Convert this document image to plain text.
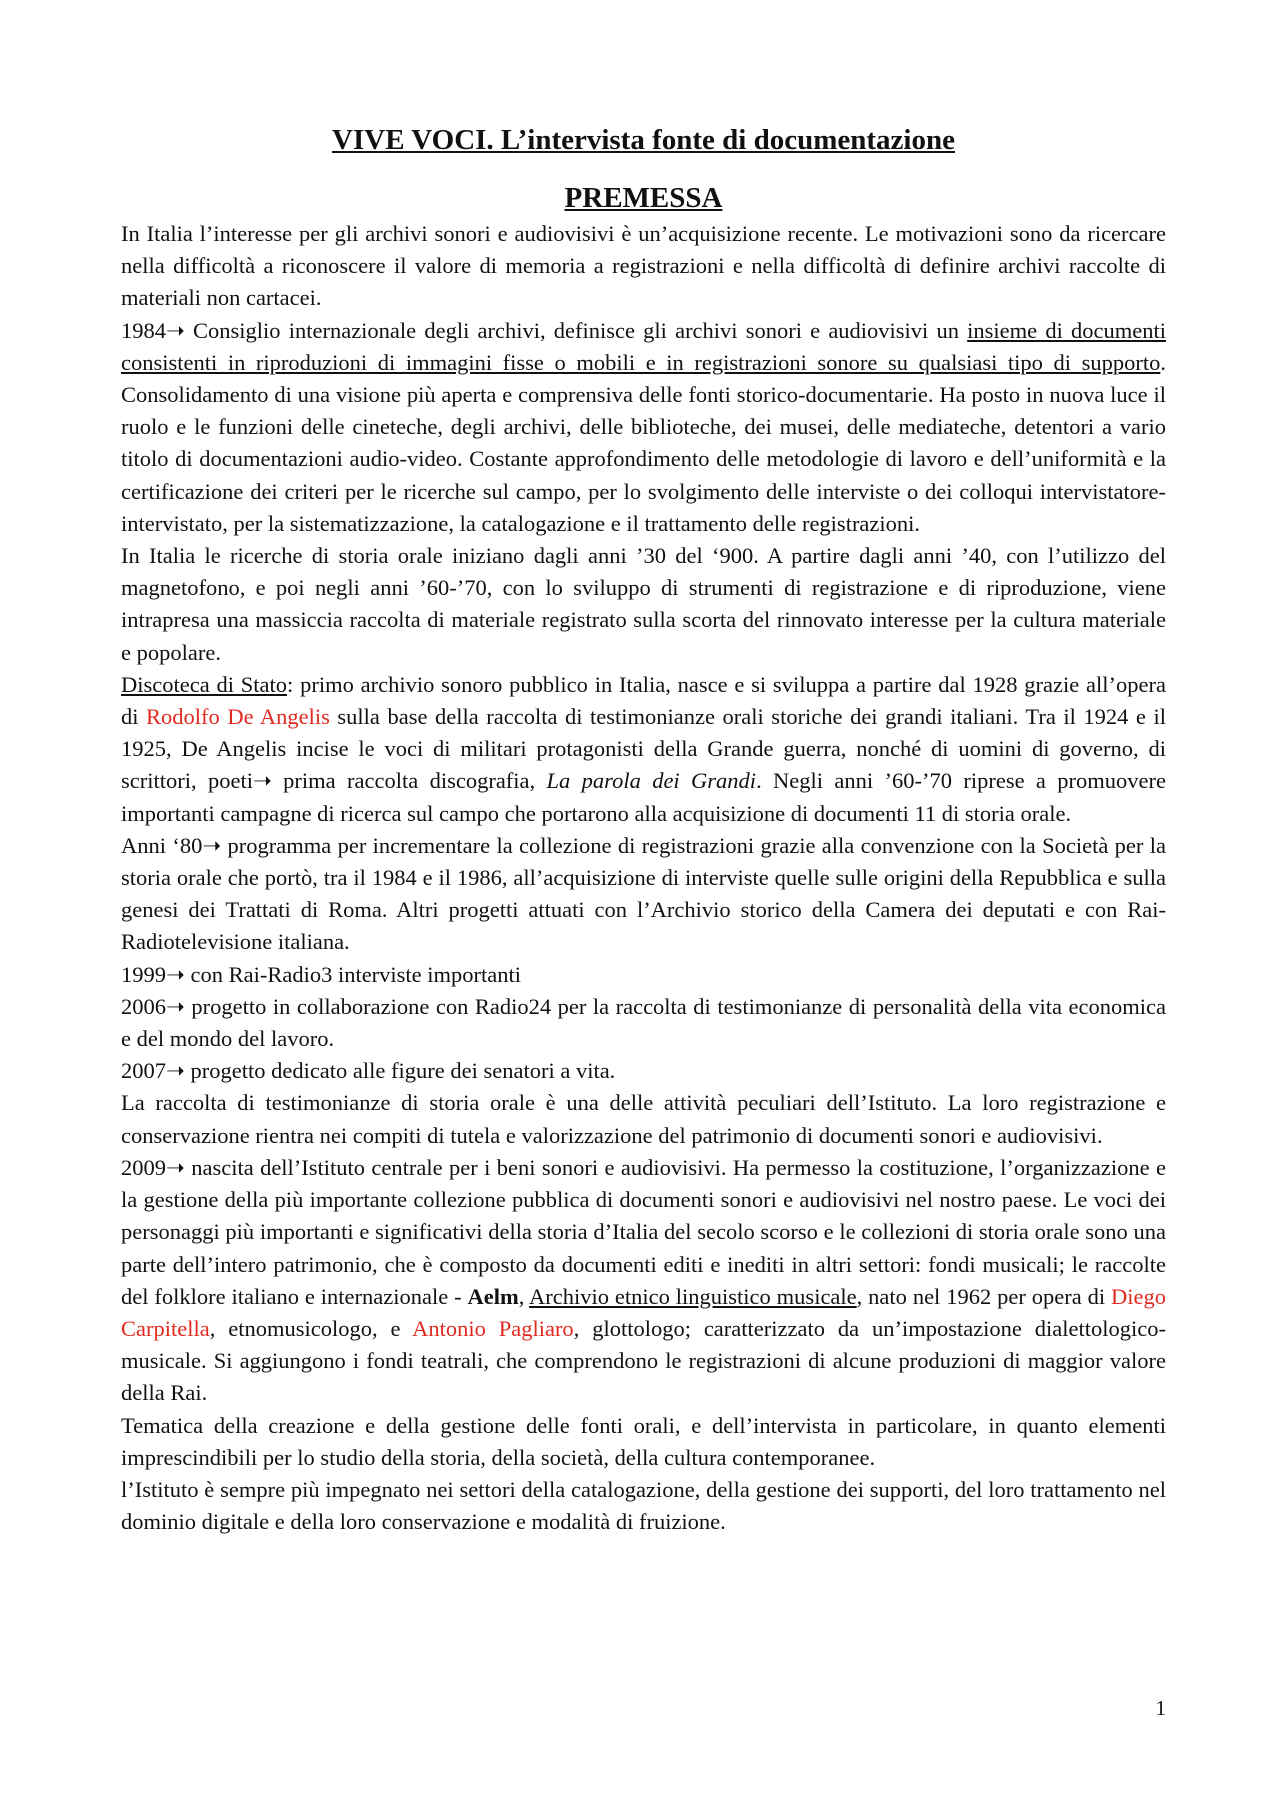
VIVE VOCI. L’intervista fonte di documentazione
PREMESSA

In Italia l’interesse per gli archivi sonori e audiovisivi è un’acquisizione recente. Le motivazioni sono da ricercare nella difficoltà a riconoscere il valore di memoria a registrazioni e nella difficoltà di definire archivi raccolte di materiali non cartacei.

1984➝ Consiglio internazionale degli archivi, definisce gli archivi sonori e audiovisivi un insieme di documenti consistenti in riproduzioni di immagini fisse o mobili e in registrazioni sonore su qualsiasi tipo di supporto. Consolidamento di una visione più aperta e comprensiva delle fonti storico-documentarie. Ha posto in nuova luce il ruolo e le funzioni delle cineteche, degli archivi, delle biblioteche, dei musei, delle mediateche, detentori a vario titolo di documentazioni audio-video. Costante approfondimento delle metodologie di lavoro e dell’uniformità e la certificazione dei criteri per le ricerche sul campo, per lo svolgimento delle interviste o dei colloqui intervistatore-intervistato, per la sistematizzazione, la catalogazione e il trattamento delle registrazioni.

In Italia le ricerche di storia orale iniziano dagli anni ’30 del ‘900. A partire dagli anni ’40, con l’utilizzo del magnetofono, e poi negli anni ’60-’70, con lo sviluppo di strumenti di registrazione e di riproduzione, viene intrapresa una massiccia raccolta di materiale registrato sulla scorta del rinnovato interesse per la cultura materiale e popolare.

Discoteca di Stato: primo archivio sonoro pubblico in Italia, nasce e si sviluppa a partire dal 1928 grazie all’opera di Rodolfo De Angelis sulla base della raccolta di testimonianze orali storiche dei grandi italiani. Tra il 1924 e il 1925, De Angelis incise le voci di militari protagonisti della Grande guerra, nonché di uomini di governo, di scrittori, poeti➝ prima raccolta discografia, La parola dei Grandi. Negli anni ’60-’70 riprese a promuovere importanti campagne di ricerca sul campo che portarono alla acquisizione di documenti 11 di storia orale.

Anni ‘80➝ programma per incrementare la collezione di registrazioni grazie alla convenzione con la Società per la storia orale che portò, tra il 1984 e il 1986, all’acquisizione di interviste quelle sulle origini della Repubblica e sulla genesi dei Trattati di Roma. Altri progetti attuati con l’Archivio storico della Camera dei deputati e con Rai-Radiotelevisione italiana.

1999➝ con Rai-Radio3 interviste importanti

2006➝ progetto in collaborazione con Radio24 per la raccolta di testimonianze di personalità della vita economica e del mondo del lavoro.

2007➝ progetto dedicato alle figure dei senatori a vita.

La raccolta di testimonianze di storia orale è una delle attività peculiari dell’Istituto. La loro registrazione e conservazione rientra nei compiti di tutela e valorizzazione del patrimonio di documenti sonori e audiovisivi.

2009➝ nascita dell’Istituto centrale per i beni sonori e audiovisivi. Ha permesso la costituzione, l’organizzazione e la gestione della più importante collezione pubblica di documenti sonori e audiovisivi nel nostro paese. Le voci dei personaggi più importanti e significativi della storia d’Italia del secolo scorso e le collezioni di storia orale sono una parte dell’intero patrimonio, che è composto da documenti editi e inediti in altri settori: fondi musicali; le raccolte del folklore italiano e internazionale - Aelm, Archivio etnico linguistico musicale, nato nel 1962 per opera di Diego Carpitella, etnomusicologo, e Antonio Pagliaro, glottologo; caratterizzato da un’impostazione dialettologico-musicale. Si aggiungono i fondi teatrali, che comprendono le registrazioni di alcune produzioni di maggior valore della Rai.

Tematica della creazione e della gestione delle fonti orali, e dell’intervista in particolare, in quanto elementi imprescindibili per lo studio della storia, della società, della cultura contemporanee.

l’Istituto è sempre più impegnato nei settori della catalogazione, della gestione dei supporti, del loro trattamento nel dominio digitale e della loro conservazione e modalità di fruizione.

1
